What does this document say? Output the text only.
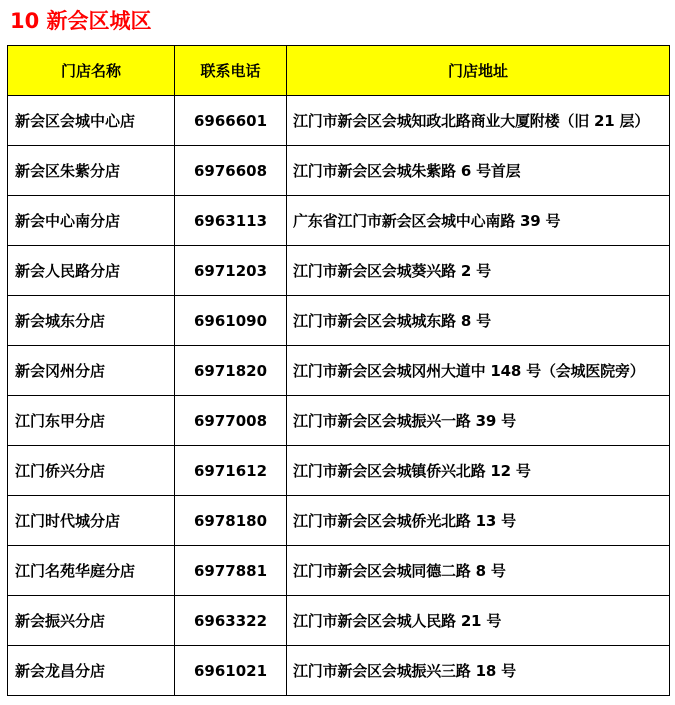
10 新会区城区
门店名称	联系电话	门店地址
新会区会城中心店	6966601	江门市新会区会城知政北路商业大厦附楼（旧 21 层）
新会区朱紫分店	6976608	江门市新会区会城朱紫路 6 号首层
新会中心南分店	6963113	广东省江门市新会区会城中心南路 39 号
新会人民路分店	6971203	江门市新会区会城葵兴路 2 号
新会城东分店	6961090	江门市新会区会城城东路 8 号
新会冈州分店	6971820	江门市新会区会城冈州大道中 148 号（会城医院旁）
江门东甲分店	6977008	江门市新会区会城振兴一路 39 号
江门侨兴分店	6971612	江门市新会区会城镇侨兴北路 12 号
江门时代城分店	6978180	江门市新会区会城侨光北路 13 号
江门名苑华庭分店	6977881	江门市新会区会城同德二路 8 号
新会振兴分店	6963322	江门市新会区会城人民路 21 号
新会龙昌分店	6961021	江门市新会区会城振兴三路 18 号
